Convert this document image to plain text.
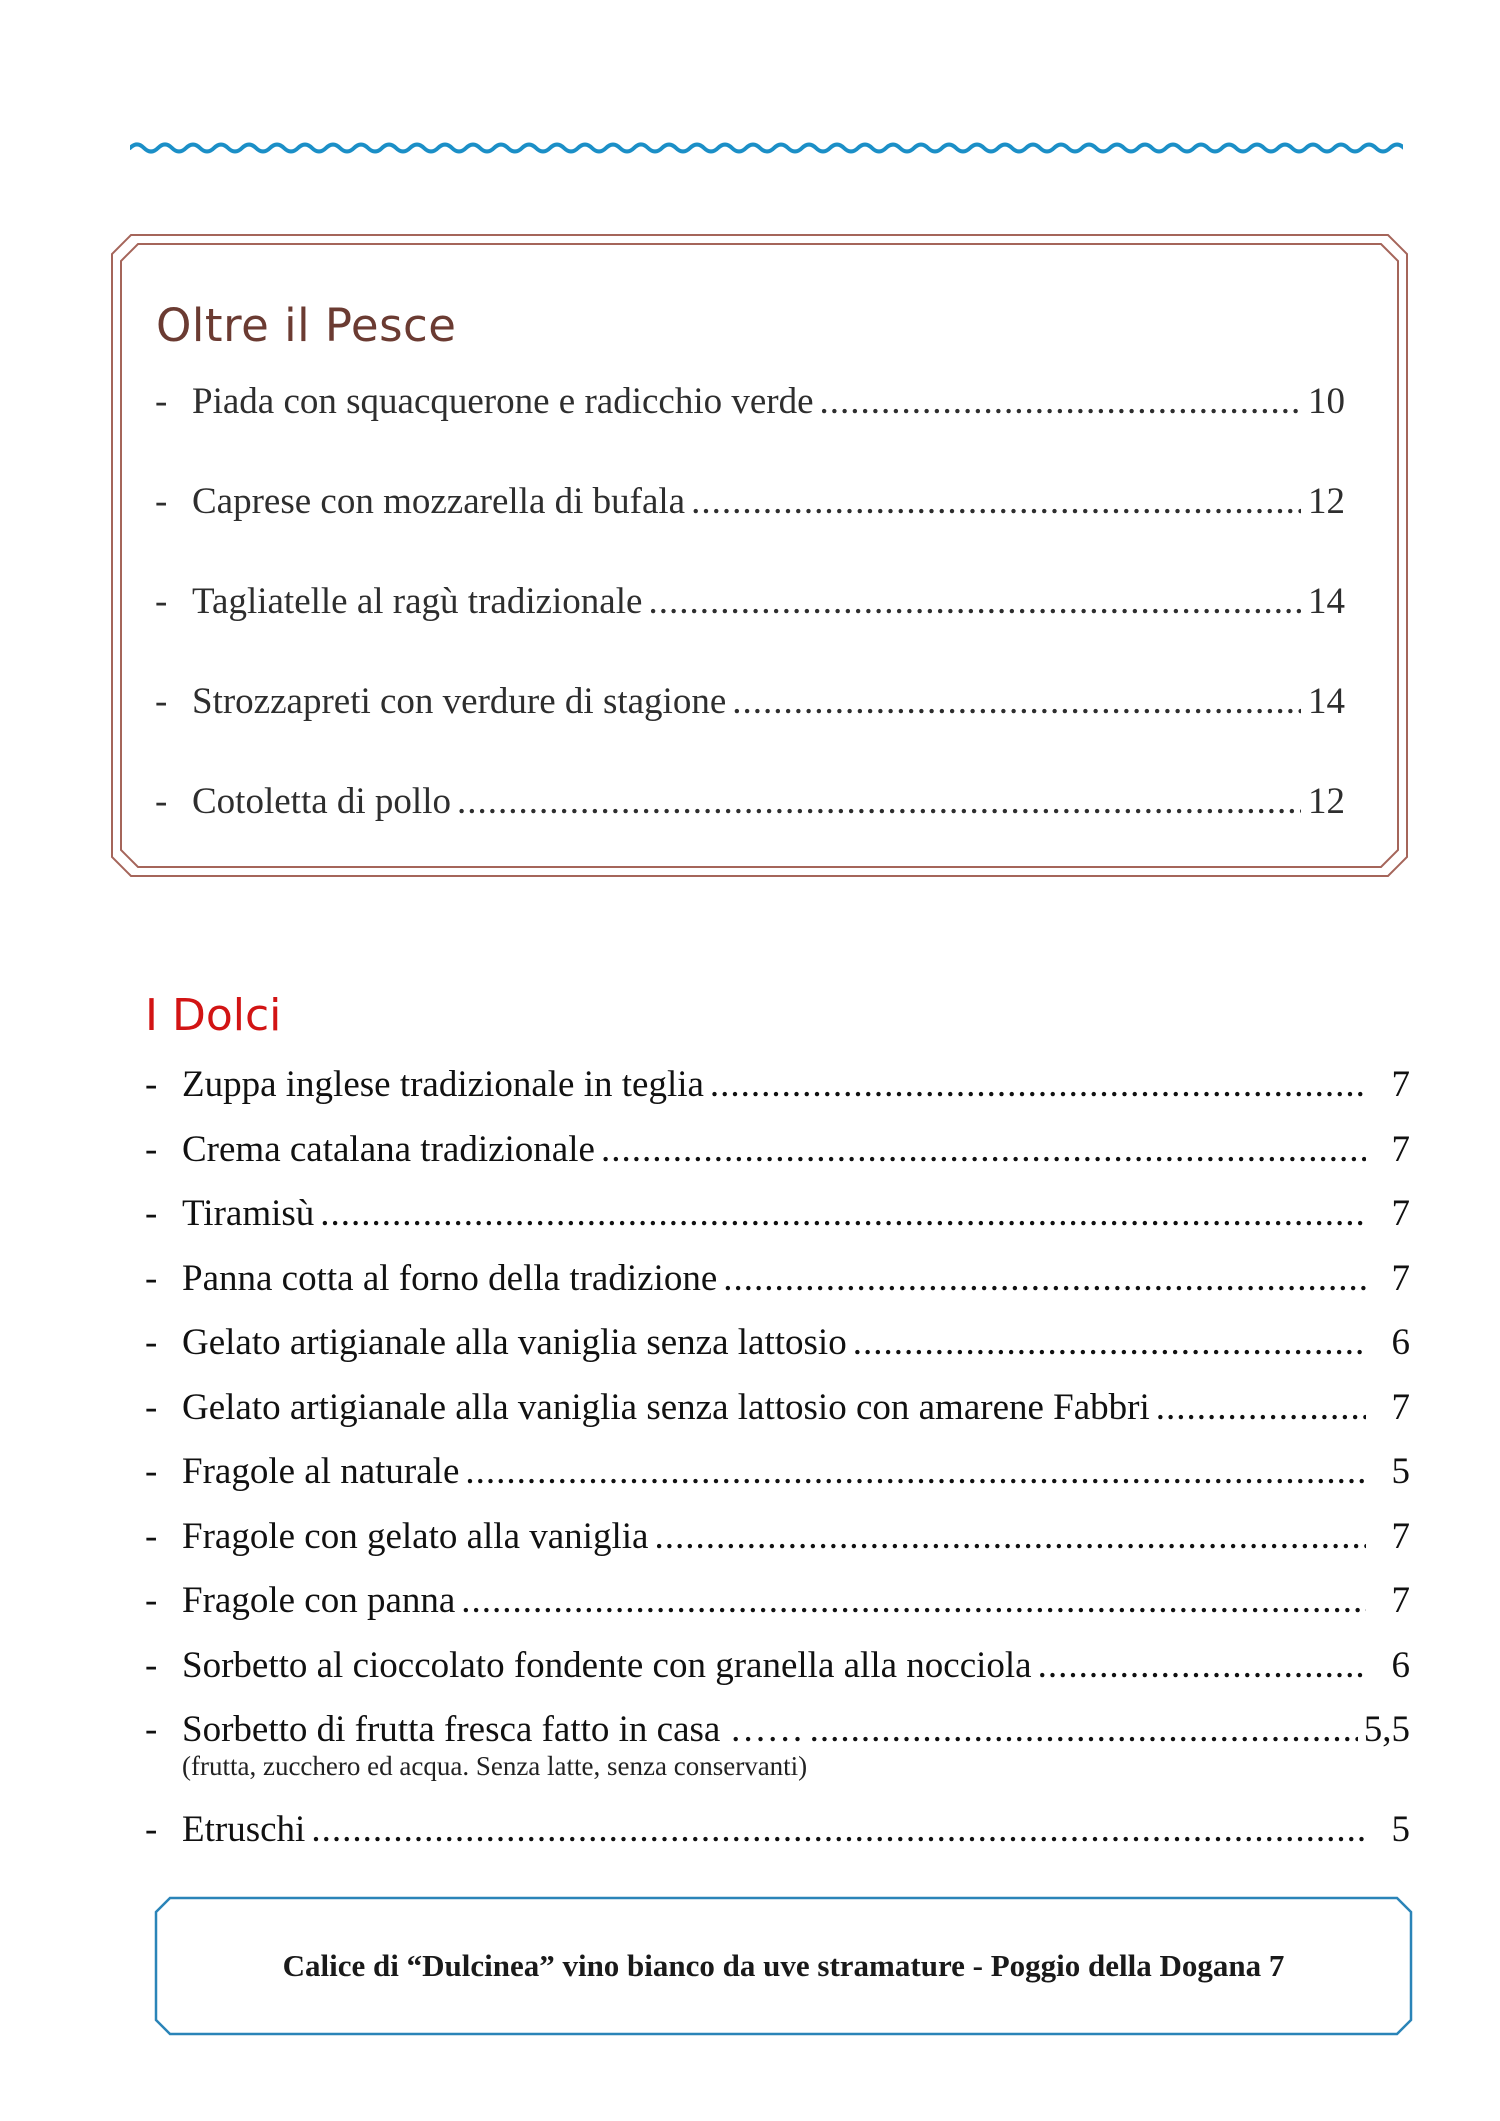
Oltre il Pesce
- Piada con squacquerone e radicchio verde .....	10
- Caprese con mozzarella di bufala .....	12
- Tagliatelle al ragù tradizionale .....	14
- Strozzapreti con verdure di stagione .....	14
- Cotoletta di pollo .....	12
I Dolci
- Zuppa inglese tradizionale in teglia .....	7
- Crema catalana tradizionale .....	7
- Tiramisù .....	7
- Panna cotta al forno della tradizione .....	7
- Gelato artigianale alla vaniglia senza lattosio .....	6
- Gelato artigianale alla vaniglia senza lattosio con amarene Fabbri .....	7
- Fragole al naturale .....	5
- Fragole con gelato alla vaniglia .....	7
- Fragole con panna .....	7
- Sorbetto al cioccolato fondente con granella alla nocciola .....	6
- Sorbetto di frutta fresca fatto in casa …… .....	5,5
(frutta, zucchero ed acqua. Senza latte, senza conservanti)
- Etruschi .....	5
Calice di “Dulcinea” vino bianco da uve stramature - Poggio della Dogana 7
